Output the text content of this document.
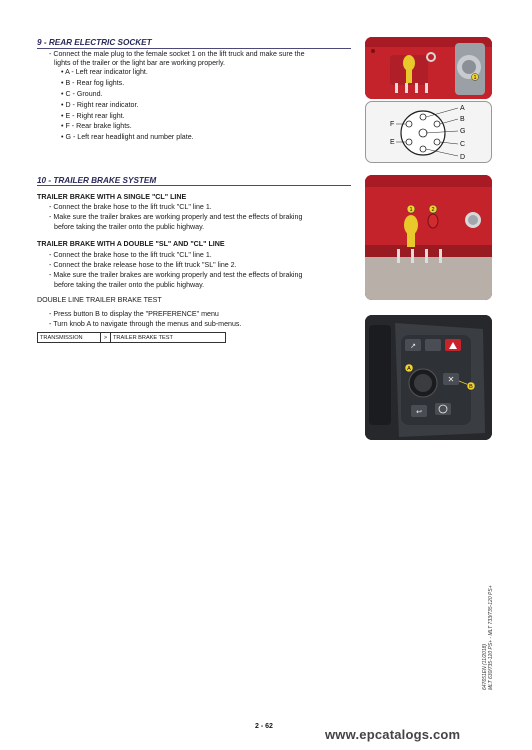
9 - REAR ELECTRIC SOCKET
- Connect the male plug to the female socket 1 on the lift truck and make sure the
lights of the trailer or the light bar are working properly.
• A - Left rear indicator light.
• B - Rear fog lights.
• C - Ground.
• D - Right rear indicator.
• E - Right rear light.
• F - Rear brake lights.
• G - Left rear headlight and number plate.
1
A
B
G
C
D
F
E
10 - TRAILER BRAKE SYSTEM
TRAILER BRAKE WITH A SINGLE "CL" LINE
- Connect the brake hose to the lift truck "CL" line 1.
- Make sure the trailer brakes are working properly and test the effects of braking
before taking the trailer onto the public highway.
TRAILER BRAKE WITH A DOUBLE "SL" AND "CL" LINE
- Connect the brake hose to the lift truck "CL" line 1.
- Connect the brake release hose to the lift truck "SL" line 2.
- Make sure the trailer brakes are working properly and test the effects of braking
before taking the trailer onto the public highway.
DOUBLE LINE TRAILER BRAKE TEST
- Press button B to display the "PREFERENCE" menu
- Turn knob A to navigate through the menus and sub-menus.
TRANSMISSION	>	TRAILER BRAKE TEST
1	2
↗
✕
↩
A
B
647651EN (11/2018) MLT 630/735-120 PS+ - MLT 733/735-120 PS+
2 - 62
www.epcatalogs.com
